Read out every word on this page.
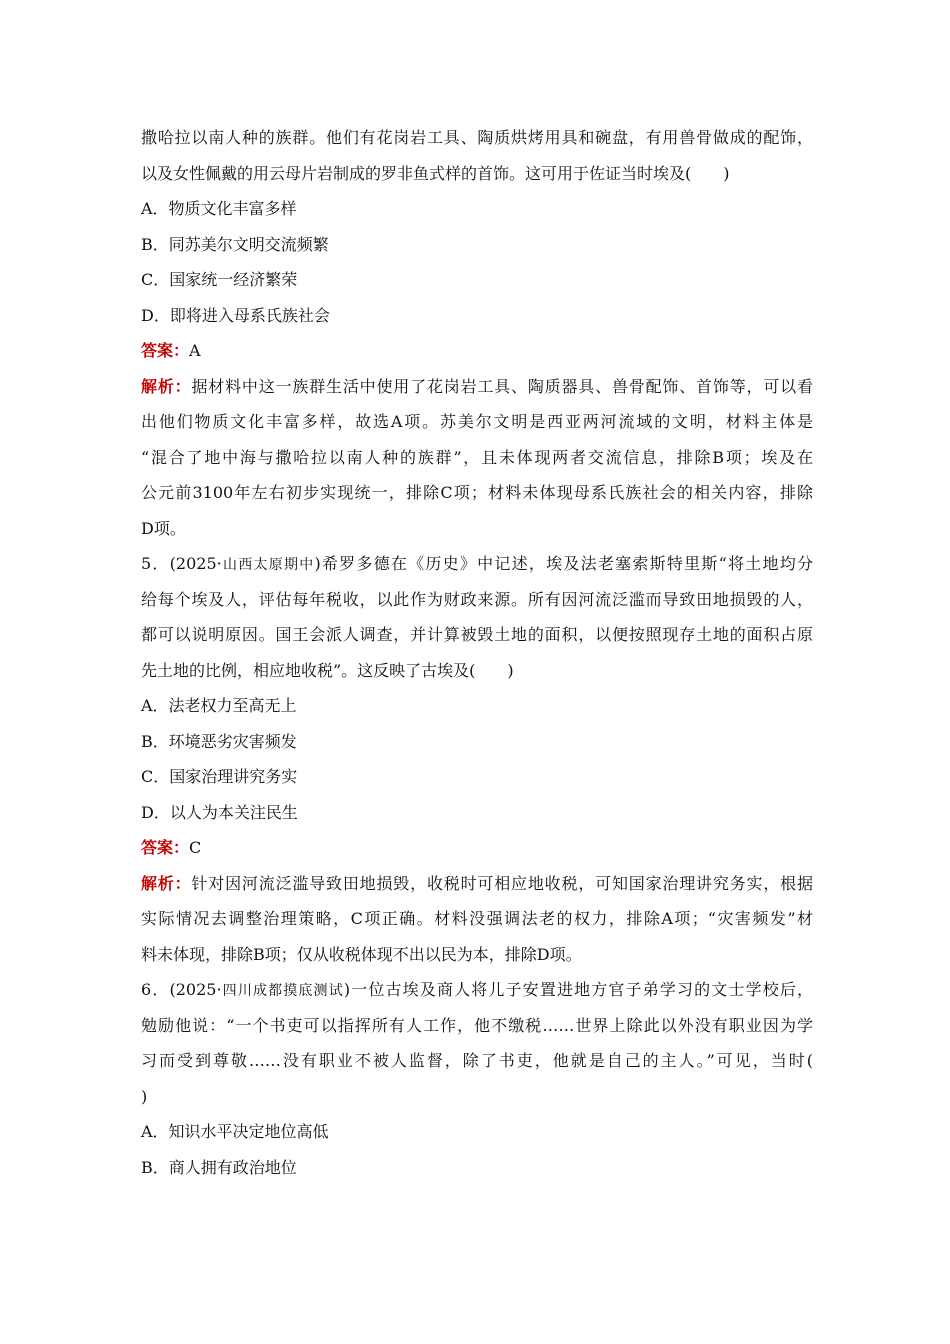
撒哈拉以南人种的族群。他们有花岗岩工具、陶质烘烤用具和碗盘，有用兽骨做成的配饰，
以及女性佩戴的用云母片岩制成的罗非鱼式样的首饰。这可用于佐证当时埃及(　　)
A．物质文化丰富多样
B．同苏美尔文明交流频繁
C．国家统一经济繁荣
D．即将进入母系氏族社会
答案：A
解析：据材料中这一族群生活中使用了花岗岩工具、陶质器具、兽骨配饰、首饰等，可以看
出他们物质文化丰富多样，故选A项。苏美尔文明是西亚两河流域的文明，材料主体是
“混合了地中海与撒哈拉以南人种的族群”，且未体现两者交流信息，排除B项；埃及在
公元前3100年左右初步实现统一，排除C项；材料未体现母系氏族社会的相关内容，排除
D项。
5．(2025·山西太原期中)希罗多德在《历史》中记述，埃及法老塞索斯特里斯“将土地均分
给每个埃及人，评估每年税收，以此作为财政来源。所有因河流泛滥而导致田地损毁的人，
都可以说明原因。国王会派人调查，并计算被毁土地的面积，以便按照现存土地的面积占原
先土地的比例，相应地收税”。这反映了古埃及(　　)
A．法老权力至高无上
B．环境恶劣灾害频发
C．国家治理讲究务实
D．以人为本关注民生
答案：C
解析：针对因河流泛滥导致田地损毁，收税时可相应地收税，可知国家治理讲究务实，根据
实际情况去调整治理策略，C项正确。材料没强调法老的权力，排除A项；“灾害频发”材
料未体现，排除B项；仅从收税体现不出以民为本，排除D项。
6．(2025·四川成都摸底测试)一位古埃及商人将儿子安置进地方官子弟学习的文士学校后，
勉励他说：“一个书吏可以指挥所有人工作，他不缴税……世界上除此以外没有职业因为学
习而受到尊敬……没有职业不被人监督，除了书吏，他就是自己的主人。”可见，当时(
)
A．知识水平决定地位高低
B．商人拥有政治地位
